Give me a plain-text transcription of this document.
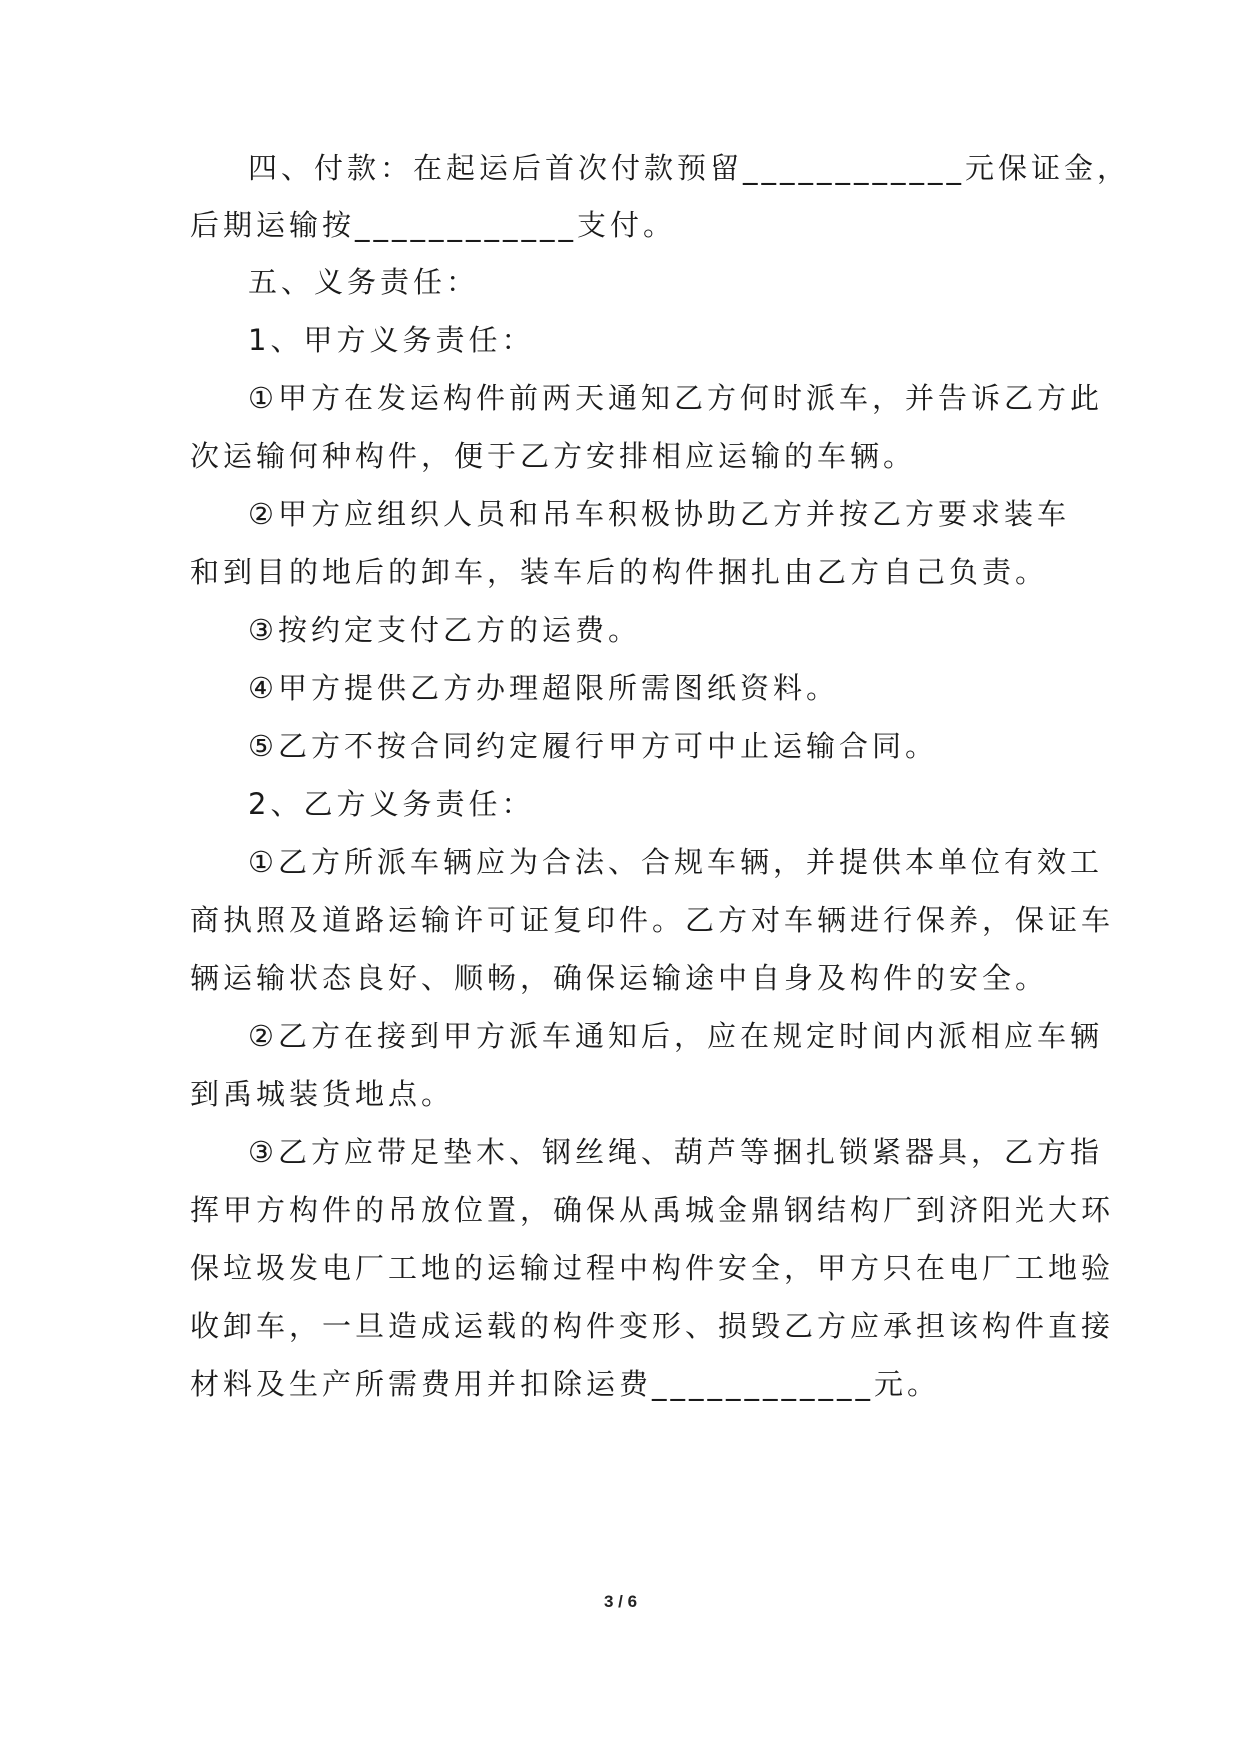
四、付款：在起运后首次付款预留____________元保证金，
后期运输按____________支付。
五、义务责任：
1、甲方义务责任：
①甲方在发运构件前两天通知乙方何时派车，并告诉乙方此
次运输何种构件，便于乙方安排相应运输的车辆。
②甲方应组织人员和吊车积极协助乙方并按乙方要求装车
和到目的地后的卸车，装车后的构件捆扎由乙方自己负责。
③按约定支付乙方的运费。
④甲方提供乙方办理超限所需图纸资料。
⑤乙方不按合同约定履行甲方可中止运输合同。
2、乙方义务责任：
①乙方所派车辆应为合法、合规车辆，并提供本单位有效工
商执照及道路运输许可证复印件。乙方对车辆进行保养，保证车
辆运输状态良好、顺畅，确保运输途中自身及构件的安全。
②乙方在接到甲方派车通知后，应在规定时间内派相应车辆
到禹城装货地点。
③乙方应带足垫木、钢丝绳、葫芦等捆扎锁紧器具，乙方指
挥甲方构件的吊放位置，确保从禹城金鼎钢结构厂到济阳光大环
保垃圾发电厂工地的运输过程中构件安全，甲方只在电厂工地验
收卸车，一旦造成运载的构件变形、损毁乙方应承担该构件直接
材料及生产所需费用并扣除运费____________元。
3 / 6
